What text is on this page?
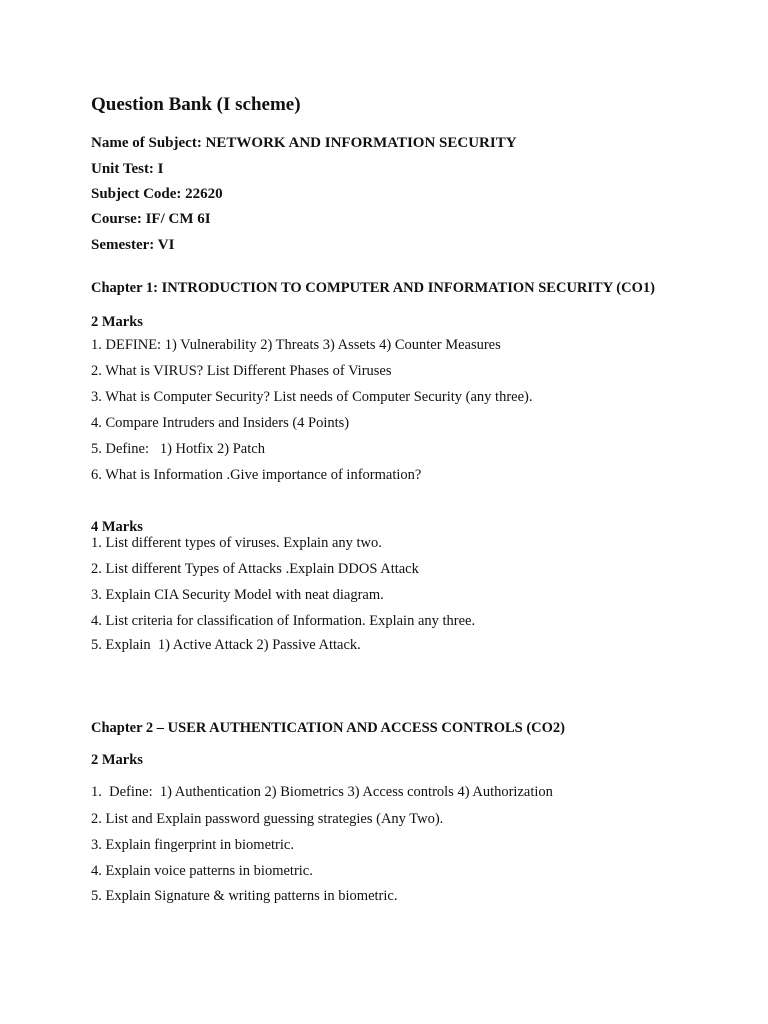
Question Bank (I scheme)
Name of Subject: NETWORK AND INFORMATION SECURITY
Unit Test: I
Subject Code: 22620
Course: IF/ CM 6I
Semester: VI
Chapter 1: INTRODUCTION TO COMPUTER AND INFORMATION SECURITY (CO1)
2 Marks
1. DEFINE: 1) Vulnerability 2) Threats 3) Assets 4) Counter Measures
2. What is VIRUS? List Different Phases of Viruses
3. What is Computer Security? List needs of Computer Security (any three).
4. Compare Intruders and Insiders (4 Points)
5. Define:   1) Hotfix 2) Patch
6. What is Information .Give importance of information?
4 Marks
1. List different types of viruses. Explain any two.
2. List different Types of Attacks .Explain DDOS Attack
3. Explain CIA Security Model with neat diagram.
4. List criteria for classification of Information. Explain any three.
5. Explain  1) Active Attack 2) Passive Attack.
Chapter 2 – USER AUTHENTICATION AND ACCESS CONTROLS (CO2)
2 Marks
1.  Define:  1) Authentication 2) Biometrics 3) Access controls 4) Authorization
2. List and Explain password guessing strategies (Any Two).
3. Explain fingerprint in biometric.
4. Explain voice patterns in biometric.
5. Explain Signature & writing patterns in biometric.
